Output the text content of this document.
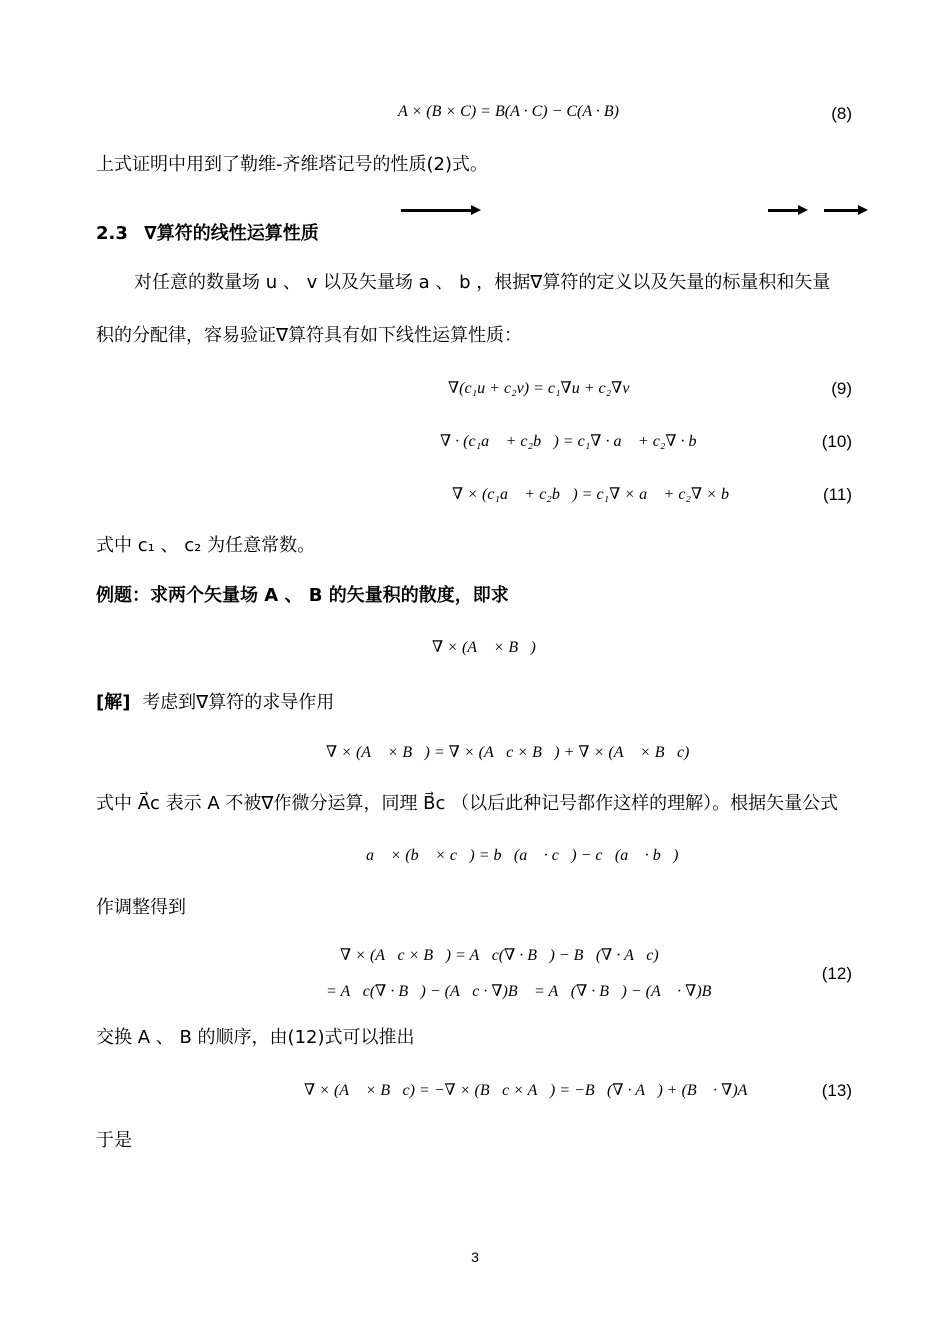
A × (B × C) = B(A · C) − C(A · B)	(8)
上式证明中用到了勒维-齐维塔记号的性质(2)式。
2.3 ∇算符的线性运算性质
对任意的数量场 u 、 v 以及矢量场 a 、 b ，根据∇算符的定义以及矢量的标量积和矢量
积的分配律，容易验证∇算符具有如下线性运算性质：
∇(c₁u + c₂v) = c₁∇u + c₂∇v	(9)
∇ · (c₁a⃗ + c₂b⃗) = c₁∇ · a⃗ + c₂∇ · b⃗	(10)
∇ × (c₁a⃗ + c₂b⃗) = c₁∇ × a⃗ + c₂∇ × b⃗	(11)
式中 c₁ 、 c₂ 为任意常数。
例题：求两个矢量场 A 、 B 的矢量积的散度，即求
∇ × (A⃗ × B⃗)
[解] 考虑到∇算符的求导作用
∇ × (A⃗ × B⃗) = ∇ × (A⃗c × B⃗) + ∇ × (A⃗ × B⃗c)
式中 A⃗c 表示 A 不被∇作微分运算，同理 B⃗c （以后此种记号都作这样的理解）。根据矢量公式
a⃗ × (b⃗ × c⃗) = b⃗(a⃗ · c⃗) − c⃗(a⃗ · b⃗)
作调整得到
∇ × (A⃗c × B⃗) = A⃗c(∇ · B⃗) − B⃗(∇ · A⃗c)
= A⃗c(∇ · B⃗) − (A⃗c · ∇)B⃗ = A⃗(∇ · B⃗) − (A⃗ · ∇)B⃗
(12)
交换 A 、 B 的顺序，由(12)式可以推出
∇ × (A⃗ × B⃗c) = −∇ × (B⃗c × A⃗) = −B⃗(∇ · A⃗) + (B⃗ · ∇)A⃗	(13)
于是
3
